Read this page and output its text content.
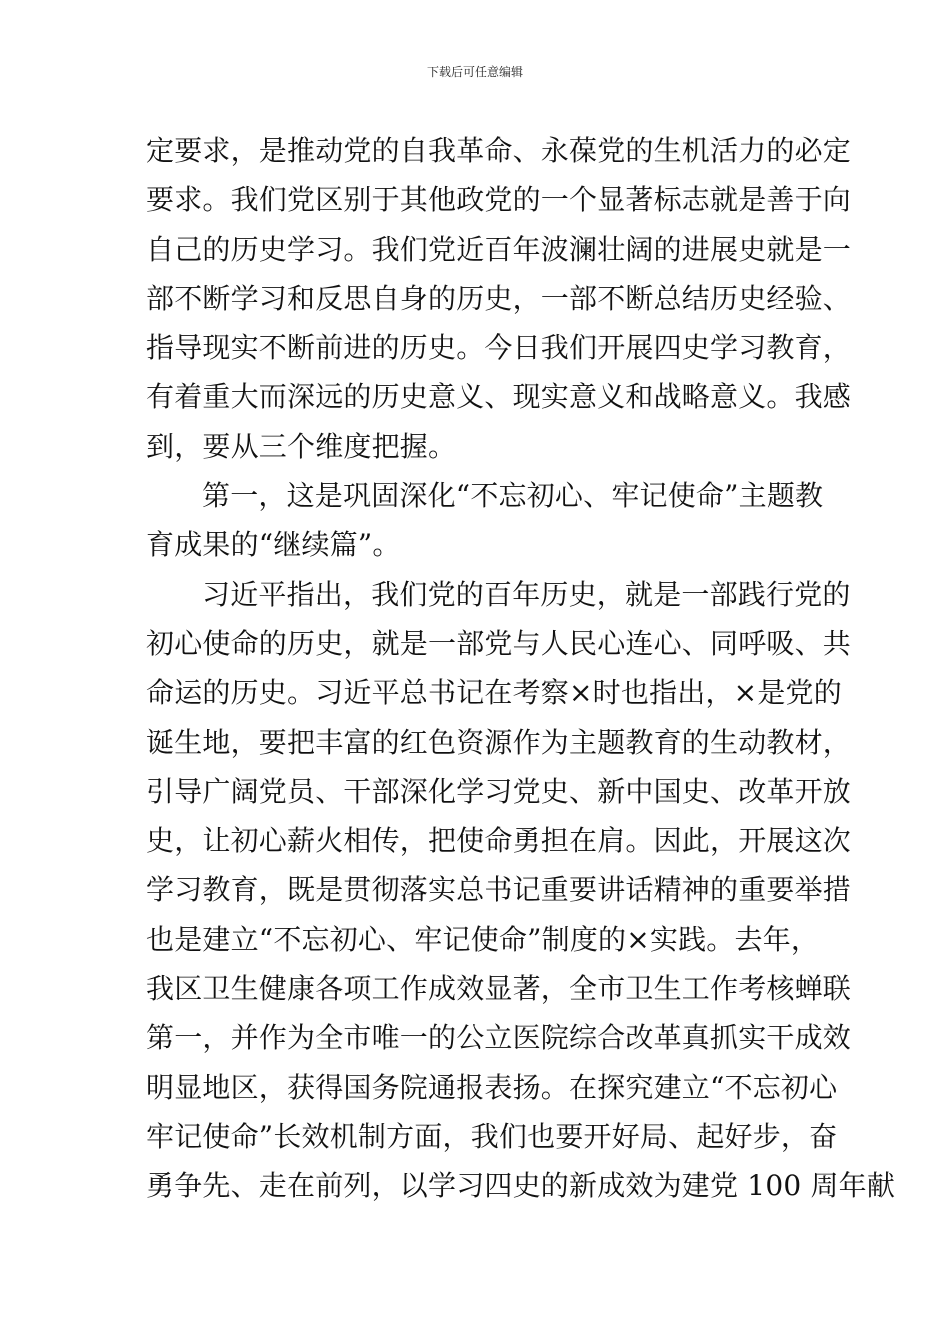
下载后可任意编辑
定要求，是推动党的自我革命、永葆党的生机活力的必定
要求。我们党区别于其他政党的一个显著标志就是善于向
自己的历史学习。我们党近百年波澜壮阔的进展史就是一
部不断学习和反思自身的历史，一部不断总结历史经验、
指导现实不断前进的历史。今日我们开展四史学习教育，
有着重大而深远的历史意义、现实意义和战略意义。我感
到，要从三个维度把握。
第一，这是巩固深化“不忘初心、牢记使命”主题教
育成果的“继续篇”。
习近平指出，我们党的百年历史，就是一部践行党的
初心使命的历史，就是一部党与人民心连心、同呼吸、共
命运的历史。习近平总书记在考察×时也指出，×是党的
诞生地，要把丰富的红色资源作为主题教育的生动教材，
引导广阔党员、干部深化学习党史、新中国史、改革开放
史，让初心薪火相传，把使命勇担在肩。因此，开展这次
学习教育，既是贯彻落实总书记重要讲话精神的重要举措
也是建立“不忘初心、牢记使命”制度的×实践。去年，
我区卫生健康各项工作成效显著，全市卫生工作考核蝉联
第一，并作为全市唯一的公立医院综合改革真抓实干成效
明显地区，获得国务院通报表扬。在探究建立“不忘初心
牢记使命”长效机制方面，我们也要开好局、起好步，奋
勇争先、走在前列，以学习四史的新成效为建党 100 周年献
